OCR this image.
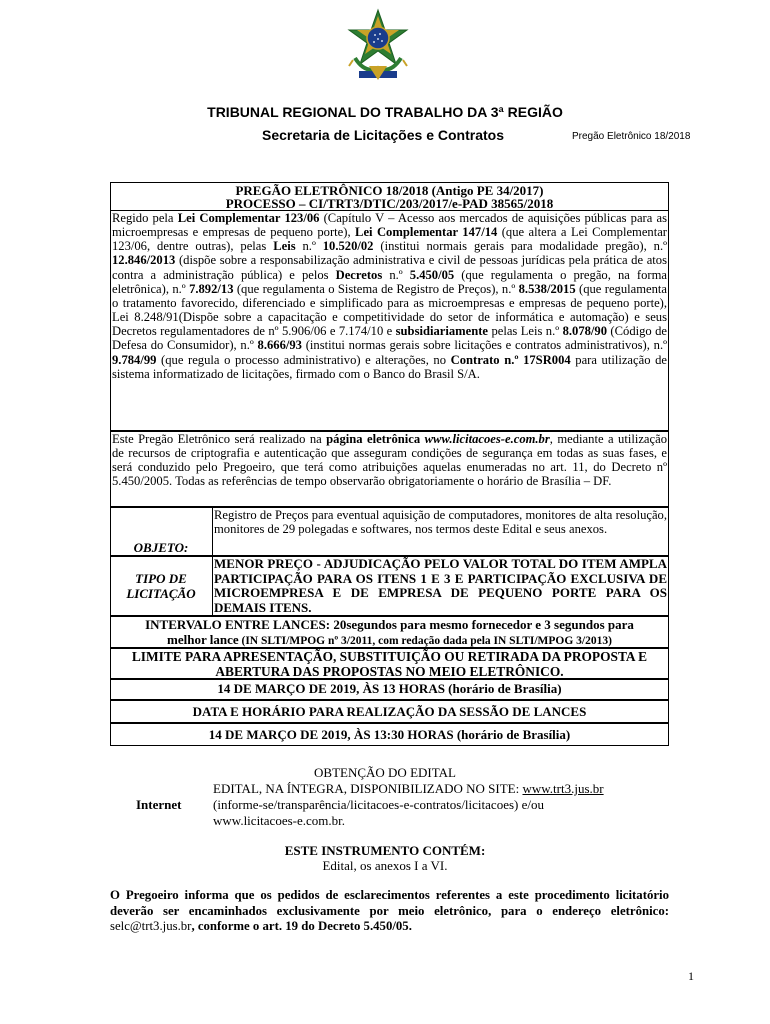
TRIBUNAL REGIONAL DO TRABALHO DA 3ª REGIÃO
Secretaria de Licitações e Contratos	Pregão Eletrônico 18/2018
PREGÃO ELETRÔNICO 18/2018 (Antigo PE 34/2017)
PROCESSO – CI/TRT3/DTIC/203/2017/e-PAD 38565/2018
Regido pela Lei Complementar 123/06 (Capítulo V – Acesso aos mercados de aquisições públicas para as microempresas e empresas de pequeno porte), Lei Complementar 147/14 (que altera a Lei Complementar 123/06, dentre outras), pelas Leis n.º 10.520/02 (institui normais gerais para modalidade pregão), n.º 12.846/2013 (dispõe sobre a responsabilização administrativa e civil de pessoas jurídicas pela prática de atos contra a administração pública) e pelos Decretos n.º 5.450/05 (que regulamenta o pregão, na forma eletrônica), n.º 7.892/13 (que regulamenta o Sistema de Registro de Preços), n.º 8.538/2015 (que regulamenta o tratamento favorecido, diferenciado e simplificado para as microempresas e empresas de pequeno porte), Lei 8.248/91(Dispõe sobre a capacitação e competitividade do setor de informática e automação) e seus Decretos regulamentadores de nº 5.906/06 e 7.174/10 e subsidiariamente pelas Leis n.º 8.078/90 (Código de Defesa do Consumidor), n.º 8.666/93 (institui normas gerais sobre licitações e contratos administrativos), n.º 9.784/99 (que regula o processo administrativo) e alterações, no Contrato n.º 17SR004 para utilização de sistema informatizado de licitações, firmado com o Banco do Brasil S/A.
Este Pregão Eletrônico será realizado na página eletrônica www.licitacoes-e.com.br, mediante a utilização de recursos de criptografia e autenticação que asseguram condições de segurança em todas as suas fases, e será conduzido pelo Pregoeiro, que terá como atribuições aquelas enumeradas no art. 11, do Decreto nº 5.450/2005. Todas as referências de tempo observarão obrigatoriamente o horário de Brasília – DF.
OBJETO:
Registro de Preços para eventual aquisição de computadores, monitores de alta resolução, monitores de 29 polegadas e softwares, nos termos deste Edital e seus anexos.
TIPO DE
LICITAÇÃO
MENOR PREÇO - ADJUDICAÇÃO PELO VALOR TOTAL DO ITEM AMPLA PARTICIPAÇÃO PARA OS ITENS 1 E 3 E PARTICIPAÇÃO EXCLUSIVA DE MICROEMPRESA E DE EMPRESA DE PEQUENO PORTE PARA OS DEMAIS ITENS.
INTERVALO ENTRE LANCES: 20segundos para mesmo fornecedor e 3 segundos para
melhor lance (IN SLTI/MPOG nº 3/2011, com redação dada pela IN SLTI/MPOG 3/2013)
LIMITE PARA APRESENTAÇÃO, SUBSTITUIÇÃO OU RETIRADA DA PROPOSTA E
ABERTURA DAS PROPOSTAS NO MEIO ELETRÔNICO.
14 DE MARÇO DE 2019, ÀS 13 HORAS (horário de Brasília)
DATA E HORÁRIO PARA REALIZAÇÃO DA SESSÃO DE LANCES
14 DE MARÇO DE 2019, ÀS 13:30 HORAS (horário de Brasília)
OBTENÇÃO DO EDITAL
Internet
EDITAL, NA ÍNTEGRA, DISPONIBILIZADO NO SITE: www.trt3.jus.br
(informe-se/transparência/licitacoes-e-contratos/licitacoes) e/ou
www.licitacoes-e.com.br.
ESTE INSTRUMENTO CONTÉM:
Edital, os anexos I a VI.
O Pregoeiro informa que os pedidos de esclarecimentos referentes a este procedimento licitatório deverão ser encaminhados exclusivamente por meio eletrônico, para o endereço eletrônico: selc@trt3.jus.br, conforme o art. 19 do Decreto 5.450/05.
1
